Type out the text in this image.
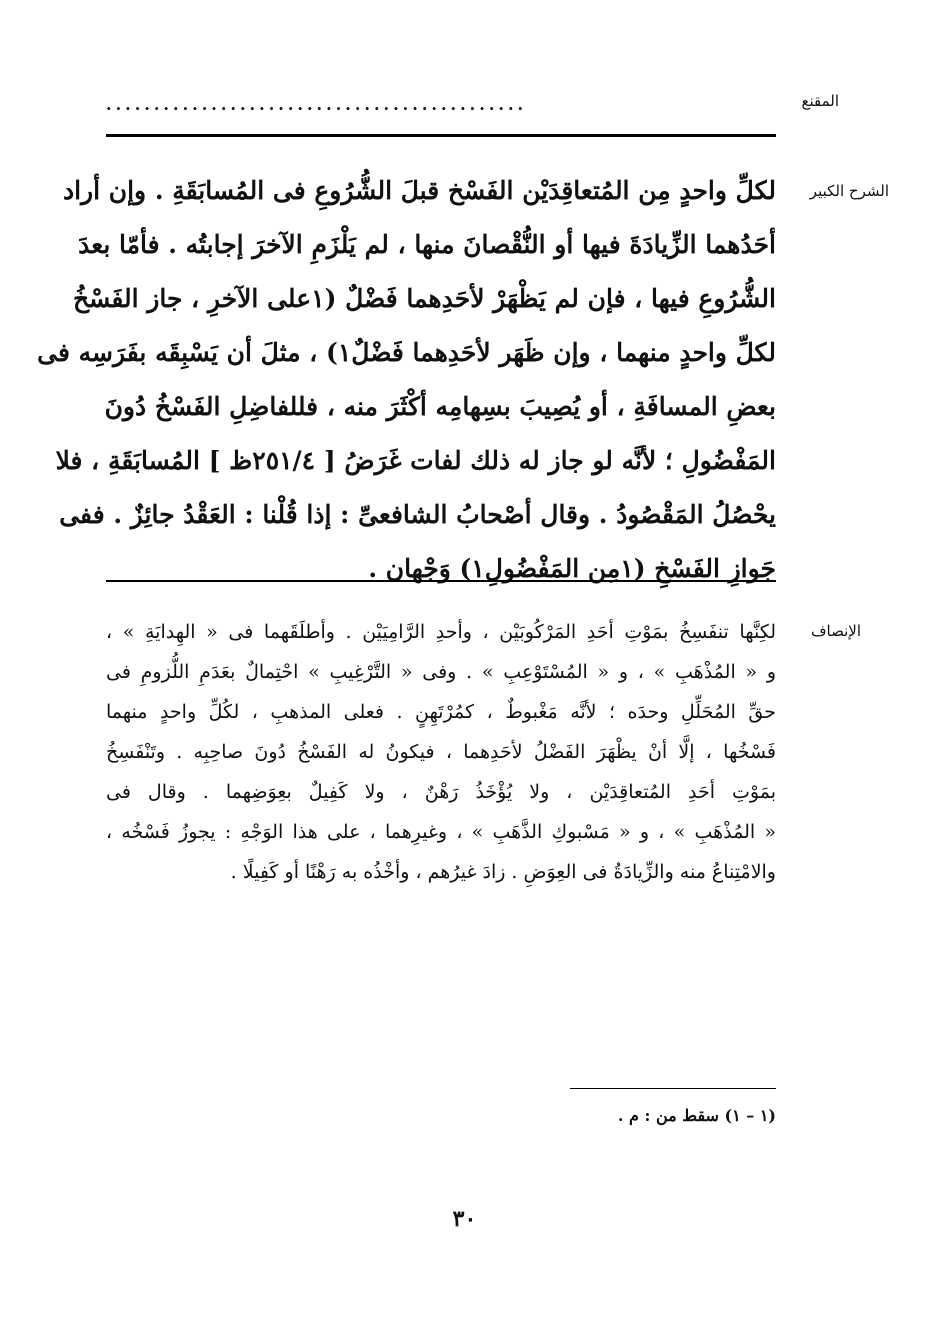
المقنع
............................................
الشرح الكبير
لكلِّ واحدٍ مِن المُتعاقِدَيْن الفَسْخ قبلَ الشُّرُوعِ فى المُسابَقَةِ . وإن أراد
أحَدُهما الزِّيادَةَ فيها أو النُّقْصانَ منها ، لم يَلْزَمِ الآخرَ إجابتُه . فأمّا بعدَ
الشُّرُوعِ فيها ، فإن لم يَظْهَرْ لأحَدِهما فَضْلٌ (١على الآخرِ ، جاز الفَسْخُ
لكلِّ واحدٍ منهما ، وإن ظَهَر لأحَدِهما فَضْلٌ١) ، مثلَ أن يَسْبِقَه بفَرَسِه فى
بعضِ المسافَةِ ، أو يُصِيبَ بسِهامِه أكْثَرَ منه ، فللفاضِلِ الفَسْخُ دُونَ
المَفْضُولِ ؛ لأنَّه لو جاز له ذلك لفات غَرَضُ [ ٢٥١/٤ظ ] المُسابَقَةِ ، فلا
يحْصُلُ المَقْصُودُ . وقال أصْحابُ الشافعىِّ : إذا قُلْنا : العَقْدُ جائِزٌ . ففى
جَوازِ الفَسْخِ (١مِن المَفْضُولِ١) وَجْهان .
الإنصاف
لكِنَّها تنفَسِخُ بمَوْتِ أحَدِ المَرْكُوبَيْن ، وأحدِ الرَّامِيَيْن . وأطلَقَهما فى « الهِدايَةِ » ،
و « المُذْهَبِ » ، و « المُسْتَوْعِبِ » . وفى « التَّرْغِيبِ » احْتِمالٌ بعَدَمِ اللُّزومِ فى
حقِّ المُحَلِّلِ وحدَه ؛ لأنَّه مَغْبوطٌ ، كمُرْتَهِنٍ . فعلى المذهبِ ، لكُلِّ واحدٍ منهما
فَسْخُها ، إلَّا أنْ يظْهَرَ الفَضْلُ لأحَدِهما ، فيكونُ له الفَسْخُ دُونَ صاحِبِه . وتَنْفَسِخُ
بمَوْتِ أحَدِ المُتعاقِدَيْن ، ولا يُؤْخَذُ رَهْنٌ ، ولا كَفِيلٌ بعِوَضِهما . وقال فى
« المُذْهَبِ » ، و « مَسْبوكِ الذَّهَبِ » ، وغيرِهما ، على هذا الوَجْهِ : يجوزُ فَسْخُه ،
والامْتِناعُ منه والزِّيادَةُ فى العِوَضِ . زادَ غيرُهم ، وأخْذُه به رَهْنًا أو كَفِيلًا .
(١ – ١) سقط من : م .
٣٠
